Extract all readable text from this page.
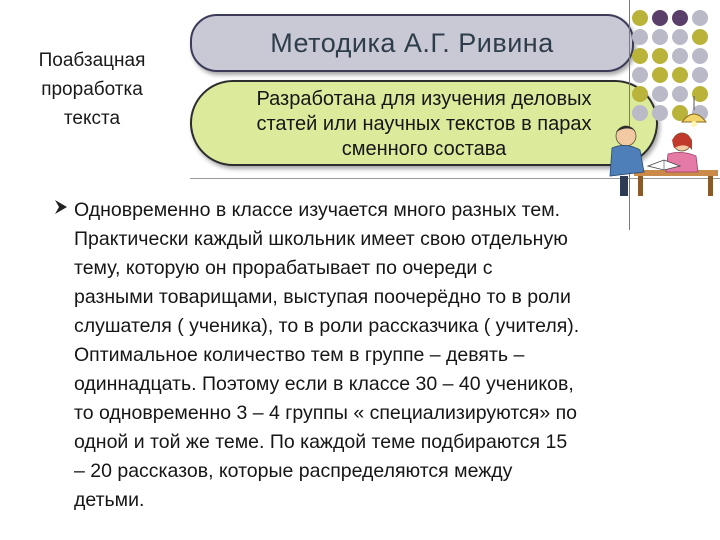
Поабзацная
проработка
текста
Методика А.Г. Ривина
Разработана для изучения деловых
статей или научных текстов в парах
сменного состава
Одновременно в классе изучается много разных тем.
Практически каждый школьник имеет свою отдельную
тему, которую он прорабатывает по очереди с
разными товарищами, выступая поочерёдно то в роли
слушателя ( ученика), то в роли рассказчика ( учителя).
Оптимальное количество тем в группе – девять –
одиннадцать. Поэтому если в классе 30 – 40 учеников,
то одновременно 3 – 4 группы « специализируются» по
одной и той же теме. По каждой теме подбираются 15
– 20 рассказов, которые распределяются между
детьми.
